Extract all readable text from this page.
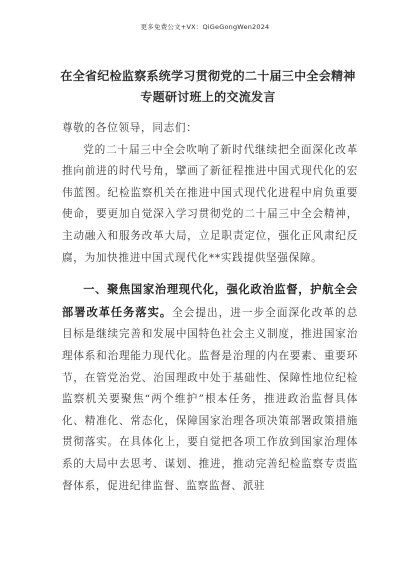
更多免费公文+VX：QiGeGongWen2024
在全省纪检监察系统学习贯彻党的二十届三中全会精神专题研讨班上的交流发言

尊敬的各位领导，同志们：

党的二十届三中全会吹响了新时代继续把全面深化改革推向前进的时代号角，擘画了新征程推进中国式现代化的宏伟蓝图。纪检监察机关在推进中国式现代化进程中肩负重要使命，要更加自觉深入学习贯彻党的二十届三中全会精神，主动融入和服务改革大局，立足职责定位，强化正风肃纪反腐，为加快推进中国式现代化**实践提供坚强保障。

一、聚焦国家治理现代化，强化政治监督，护航全会部署改革任务落实。全会提出，进一步全面深化改革的总目标是继续完善和发展中国特色社会主义制度，推进国家治理体系和治理能力现代化。监督是治理的内在要素、重要环节，在管党治党、治国理政中处于基础性、保障性地位纪检监察机关要聚焦“两个维护”根本任务，推进政治监督具体化、精准化、常态化，保障国家治理各项决策部署政策措施贯彻落实。在具体化上，要自觉把各项工作放到国家治理体系的大局中去思考、谋划、推进，推动完善纪检监察专责监督体系，促进纪律监督、监察监督、派驻
